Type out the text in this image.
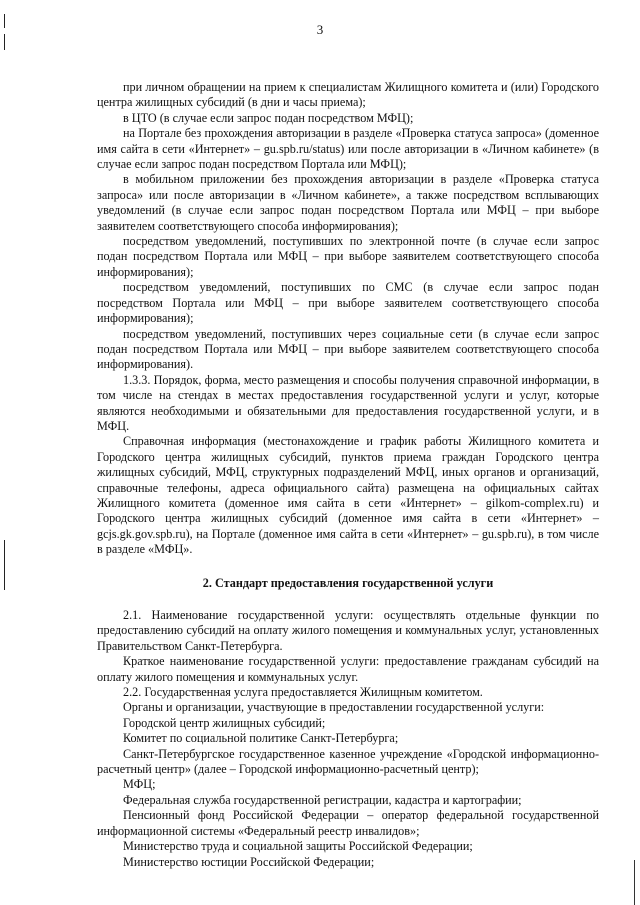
3

при личном обращении на прием к специалистам Жилищного комитета и (или) Городского центра жилищных субсидий (в дни и часы приема);

в ЦТО (в случае если запрос подан посредством МФЦ);

на Портале без прохождения авторизации в разделе «Проверка статуса запроса» (доменное имя сайта в сети «Интернет» – gu.spb.ru/status) или после авторизации в «Личном кабинете» (в случае если запрос подан посредством Портала или МФЦ);

в мобильном приложении без прохождения авторизации в разделе «Проверка статуса запроса» или после авторизации в «Личном кабинете», а также посредством всплывающих уведомлений (в случае если запрос подан посредством Портала или МФЦ – при выборе заявителем соответствующего способа информирования);

посредством уведомлений, поступивших по электронной почте (в случае если запрос подан посредством Портала или МФЦ – при выборе заявителем соответствующего способа информирования);

посредством уведомлений, поступивших по СМС (в случае если запрос подан посредством Портала или МФЦ – при выборе заявителем соответствующего способа информирования);

посредством уведомлений, поступивших через социальные сети (в случае если запрос подан посредством Портала или МФЦ – при выборе заявителем соответствующего способа информирования).

1.3.3. Порядок, форма, место размещения и способы получения справочной информации, в том числе на стендах в местах предоставления государственной услуги и услуг, которые являются необходимыми и обязательными для предоставления государственной услуги, и в МФЦ.

Справочная информация (местонахождение и график работы Жилищного комитета и Городского центра жилищных субсидий, пунктов приема граждан Городского центра жилищных субсидий, МФЦ, структурных подразделений МФЦ, иных органов и организаций, справочные телефоны, адреса официального сайта) размещена на официальных сайтах Жилищного комитета (доменное имя сайта в сети «Интернет» – gilkom-complex.ru) и Городского центра жилищных субсидий (доменное имя сайта в сети «Интернет» – gcjs.gk.gov.spb.ru), на Портале (доменное имя сайта в сети «Интернет» – gu.spb.ru), в том числе в разделе «МФЦ».

2. Стандарт предоставления государственной услуги

2.1. Наименование государственной услуги: осуществлять отдельные функции по предоставлению субсидий на оплату жилого помещения и коммунальных услуг, установленных Правительством Санкт-Петербурга.

Краткое наименование государственной услуги: предоставление гражданам субсидий на оплату жилого помещения и коммунальных услуг.

2.2. Государственная услуга предоставляется Жилищным комитетом.

Органы и организации, участвующие в предоставлении государственной услуги:

Городской центр жилищных субсидий;

Комитет по социальной политике Санкт-Петербурга;

Санкт-Петербургское государственное казенное учреждение «Городской информационно-расчетный центр» (далее – Городской информационно-расчетный центр);

МФЦ;

Федеральная служба государственной регистрации, кадастра и картографии;

Пенсионный фонд Российской Федерации – оператор федеральной государственной информационной системы «Федеральный реестр инвалидов»;

Министерство труда и социальной защиты Российской Федерации;

Министерство юстиции Российской Федерации;
